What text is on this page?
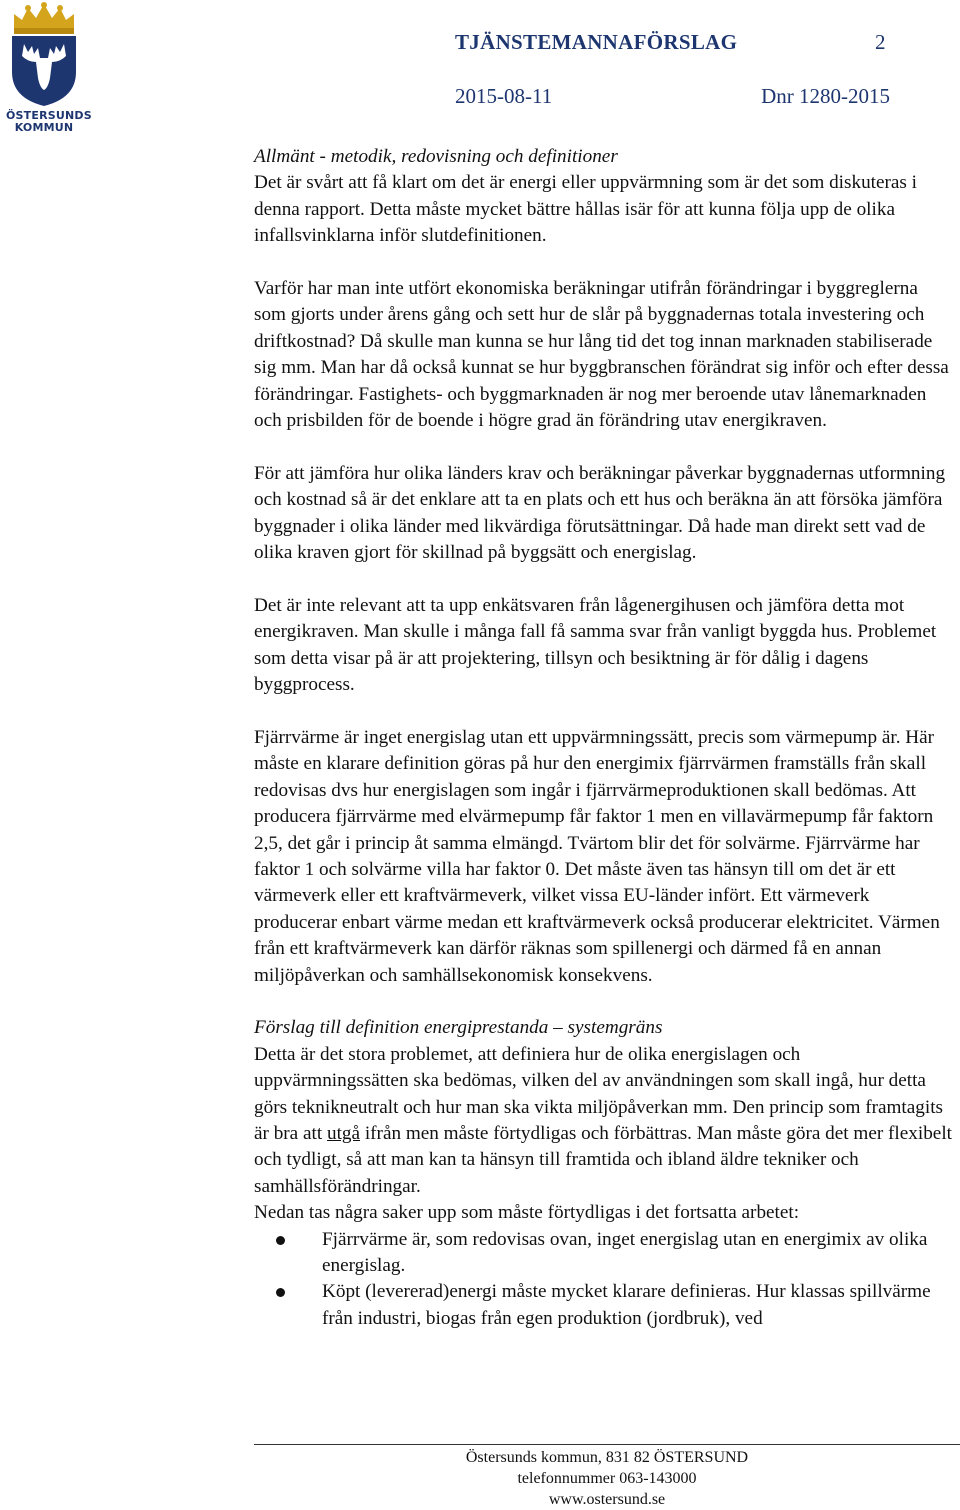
ÖSTERSUNDS
KOMMUN
TJÄNSTEMANNAFÖRSLAG	2
2015-08-11	Dnr 1280-2015

Allmänt - metodik, redovisning och definitioner

Det är svårt att få klart om det är energi eller uppvärmning som är det som diskuteras i denna rapport. Detta måste mycket bättre hållas isär för att kunna följa upp de olika infallsvinklarna inför slutdefinitionen.

Varför har man inte utfört ekonomiska beräkningar utifrån förändringar i byggreglerna som gjorts under årens gång och sett hur de slår på byggnadernas totala investering och driftkostnad? Då skulle man kunna se hur lång tid det tog innan marknaden stabiliserade sig mm. Man har då också kunnat se hur byggbranschen förändrat sig inför och efter dessa förändringar. Fastighets- och byggmarknaden är nog mer beroende utav lånemarknaden och prisbilden för de boende i högre grad än förändring utav energikraven.

För att jämföra hur olika länders krav och beräkningar påverkar byggnadernas utformning och kostnad så är det enklare att ta en plats och ett hus och beräkna än att försöka jämföra byggnader i olika länder med likvärdiga förutsättningar. Då hade man direkt sett vad de olika kraven gjort för skillnad på byggsätt och energislag.

Det är inte relevant att ta upp enkätsvaren från lågenergihusen och jämföra detta mot energikraven. Man skulle i många fall få samma svar från vanligt byggda hus. Problemet som detta visar på är att projektering, tillsyn och besiktning är för dålig i dagens byggprocess.

Fjärrvärme är inget energislag utan ett uppvärmningssätt, precis som värmepump är. Här måste en klarare definition göras på hur den energimix fjärrvärmen framställs från skall redovisas dvs hur energislagen som ingår i fjärrvärmeproduktionen skall bedömas. Att producera fjärrvärme med elvärmepump får faktor 1 men en villavärmepump får faktorn 2,5, det går i princip åt samma elmängd. Tvärtom blir det för solvärme. Fjärrvärme har faktor 1 och solvärme villa har faktor 0. Det måste även tas hänsyn till om det är ett värmeverk eller ett kraftvärmeverk, vilket vissa EU-länder infört. Ett värmeverk producerar enbart värme medan ett kraftvärmeverk också producerar elektricitet. Värmen från ett kraftvärmeverk kan därför räknas som spillenergi och därmed få en annan miljöpåverkan och samhällsekonomisk konsekvens.

Förslag till definition energiprestanda – systemgräns

Detta är det stora problemet, att definiera hur de olika energislagen och uppvärmningssätten ska bedömas, vilken del av användningen som skall ingå, hur detta görs teknikneutralt och hur man ska vikta miljöpåverkan mm. Den princip som framtagits är bra att utgå ifrån men måste förtydligas och förbättras. Man måste göra det mer flexibelt och tydligt, så att man kan ta hänsyn till framtida och ibland äldre tekniker och samhällsförändringar.

Nedan tas några saker upp som måste förtydligas i det fortsatta arbetet:

Fjärrvärme är, som redovisas ovan, inget energislag utan en energimix av olika energislag.
Köpt (levererad)energi måste mycket klarare definieras. Hur klassas spillvärme från industri, biogas från egen produktion (jordbruk), ved
Östersunds kommun, 831 82 ÖSTERSUND
telefonnummer 063-143000
www.ostersund.se
